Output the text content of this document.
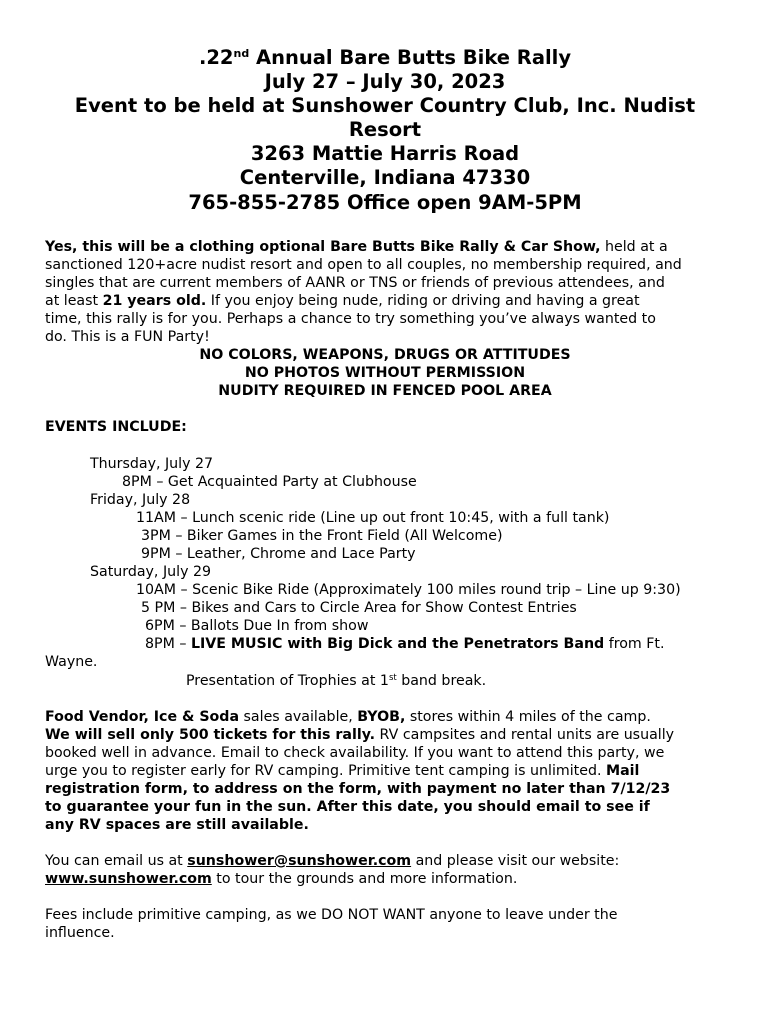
.22nd Annual Bare Butts Bike Rally
July 27 – July 30, 2023
Event to be held at Sunshower Country Club, Inc. Nudist
Resort
3263 Mattie Harris Road
Centerville, Indiana 47330
765-855-2785 Office open 9AM-5PM
Yes, this will be a clothing optional Bare Butts Bike Rally & Car Show, held at a
sanctioned 120+acre nudist resort and open to all couples, no membership required, and
singles that are current members of AANR or TNS or friends of previous attendees, and
at least 21 years old. If you enjoy being nude, riding or driving and having a great
time, this rally is for you. Perhaps a chance to try something you’ve always wanted to
do. This is a FUN Party!
NO COLORS, WEAPONS, DRUGS OR ATTITUDES
NO PHOTOS WITHOUT PERMISSION
NUDITY REQUIRED IN FENCED POOL AREA
EVENTS INCLUDE:
Thursday, July 27
8PM – Get Acquainted Party at Clubhouse
Friday, July 28
11AM – Lunch scenic ride (Line up out front 10:45, with a full tank)
3PM – Biker Games in the Front Field (All Welcome)
9PM – Leather, Chrome and Lace Party
Saturday, July 29
10AM – Scenic Bike Ride (Approximately 100 miles round trip – Line up 9:30)
5 PM – Bikes and Cars to Circle Area for Show Contest Entries
6PM – Ballots Due In from show
8PM – LIVE MUSIC with Big Dick and the Penetrators Band from Ft.
Wayne.
Presentation of Trophies at 1st band break.
Food Vendor, Ice & Soda sales available, BYOB, stores within 4 miles of the camp.
We will sell only 500 tickets for this rally. RV campsites and rental units are usually
booked well in advance. Email to check availability. If you want to attend this party, we
urge you to register early for RV camping. Primitive tent camping is unlimited. Mail
registration form, to address on the form, with payment no later than 7/12/23
to guarantee your fun in the sun. After this date, you should email to see if
any RV spaces are still available.
You can email us at sunshower@sunshower.com and please visit our website:
www.sunshower.com to tour the grounds and more information.
Fees include primitive camping, as we DO NOT WANT anyone to leave under the
influence.
